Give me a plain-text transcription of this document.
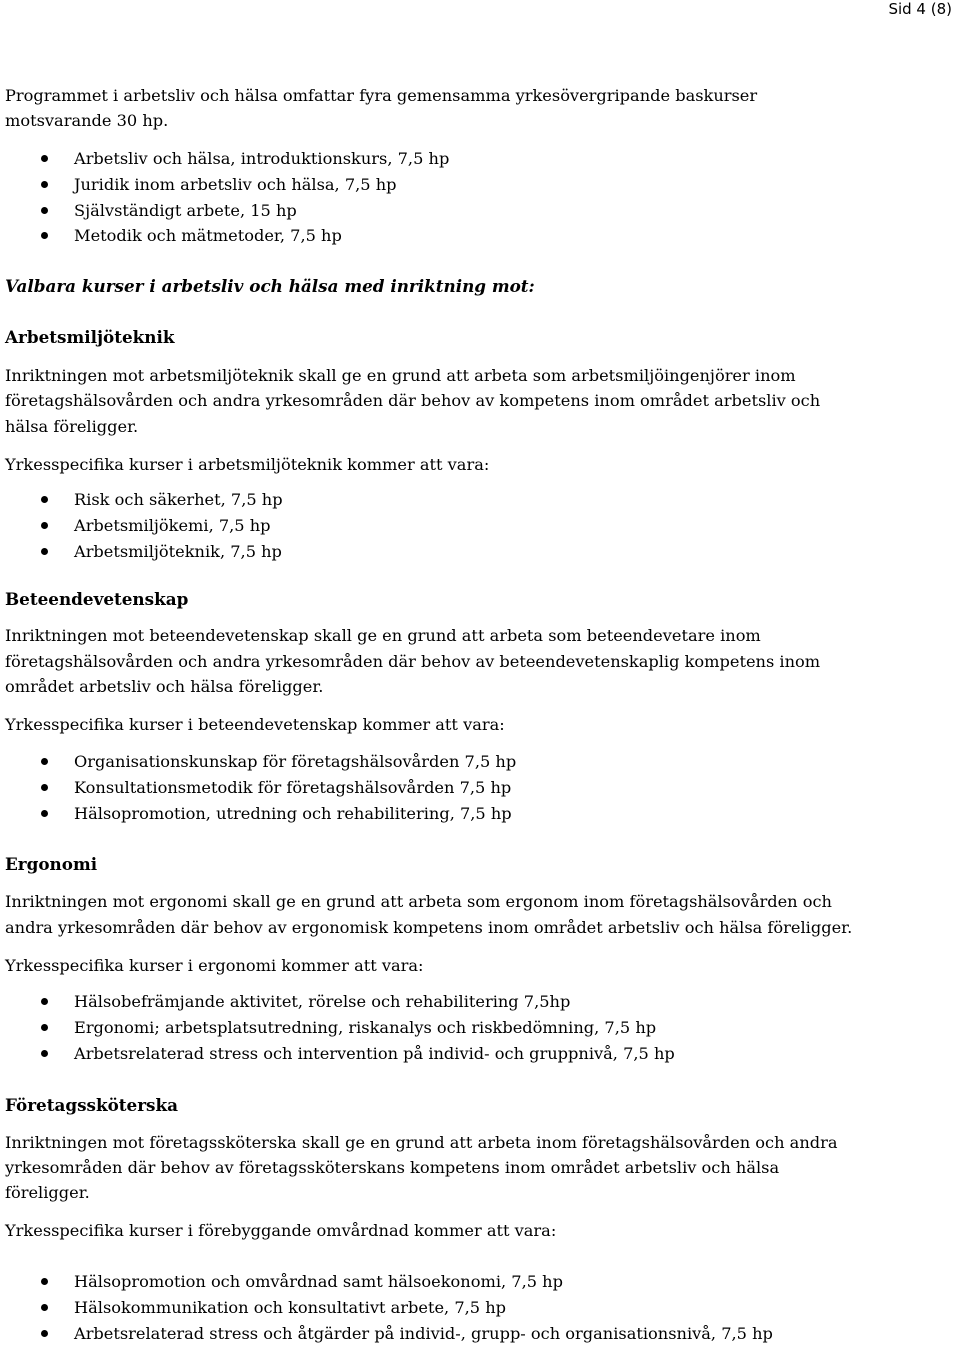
Sid 4 (8)

Programmet i arbetsliv och hälsa omfattar fyra gemensamma yrkesövergripande baskurser

motsvarande 30 hp.

Arbetsliv och hälsa, introduktionskurs, 7,5 hp
Juridik inom arbetsliv och hälsa, 7,5 hp
Självständigt arbete, 15 hp
Metodik och mätmetoder, 7,5 hp

Valbara kurser i arbetsliv och hälsa med inriktning mot:

Arbetsmiljöteknik

Inriktningen mot arbetsmiljöteknik skall ge en grund att arbeta som arbetsmiljöingenjörer inom

företagshälsovården och andra yrkesområden där behov av kompetens inom området arbetsliv och

hälsa föreligger.

Yrkesspecifika kurser i arbetsmiljöteknik kommer att vara:

Risk och säkerhet, 7,5 hp
Arbetsmiljökemi, 7,5 hp
Arbetsmiljöteknik, 7,5 hp

Beteendevetenskap

Inriktningen mot beteendevetenskap skall ge en grund att arbeta som beteendevetare inom

företagshälsovården och andra yrkesområden där behov av beteendevetenskaplig kompetens inom

området arbetsliv och hälsa föreligger.

Yrkesspecifika kurser i beteendevetenskap kommer att vara:

Organisationskunskap för företagshälsovården 7,5 hp
Konsultationsmetodik för företagshälsovården 7,5 hp
Hälsopromotion, utredning och rehabilitering, 7,5 hp

Ergonomi

Inriktningen mot ergonomi skall ge en grund att arbeta som ergonom inom företagshälsovården och

andra yrkesområden där behov av ergonomisk kompetens inom området arbetsliv och hälsa föreligger.

Yrkesspecifika kurser i ergonomi kommer att vara:

Hälsobefrämjande aktivitet, rörelse och rehabilitering 7,5hp
Ergonomi; arbetsplatsutredning, riskanalys och riskbedömning, 7,5 hp
Arbetsrelaterad stress och intervention på individ- och gruppnivå, 7,5 hp

Företagssköterska

Inriktningen mot företagssköterska skall ge en grund att arbeta inom företagshälsovården och andra

yrkesområden där behov av företagssköterskans kompetens inom området arbetsliv och hälsa

föreligger.

Yrkesspecifika kurser i förebyggande omvårdnad kommer att vara:

Hälsopromotion och omvårdnad samt hälsoekonomi, 7,5 hp
Hälsokommunikation och konsultativt arbete, 7,5 hp
Arbetsrelaterad stress och åtgärder på individ-, grupp- och organisationsnivå, 7,5 hp
